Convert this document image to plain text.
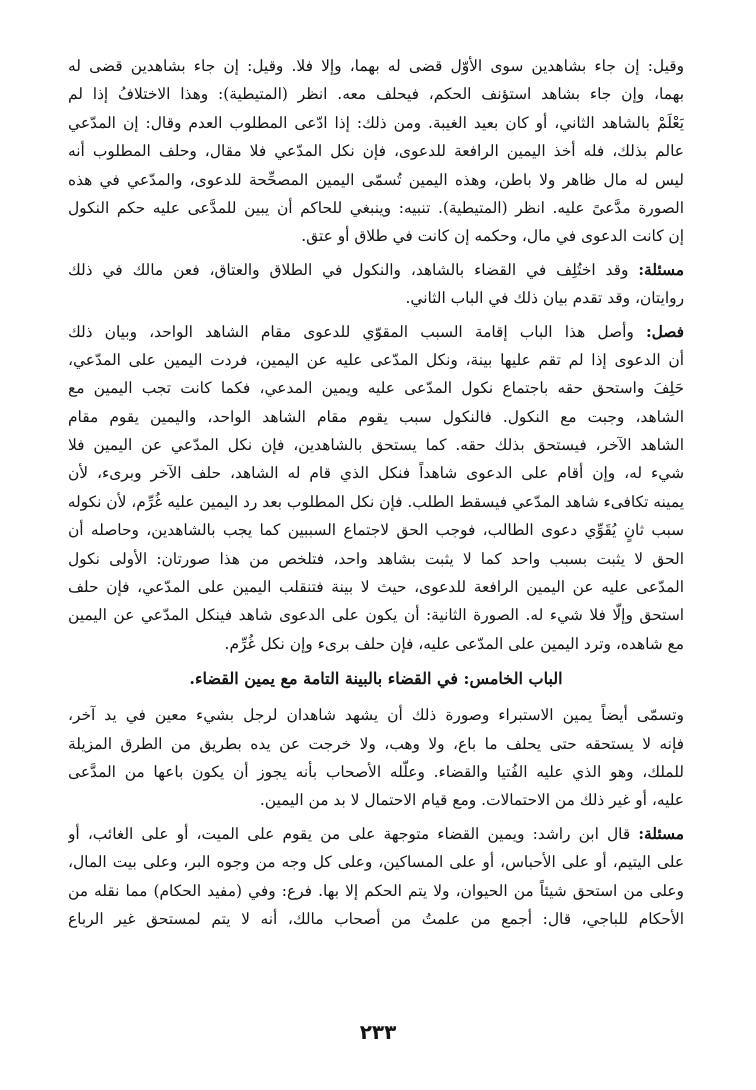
وقيل: إن جاء بشاهدين سوى الأوّل قضى له بهما، وإلا فلا. وقيل: إن جاء بشاهدين قضى له
بهما، وإن جاء بشاهد استؤنف الحكم، فيحلف معه. انظر (المتيطية): وهذا الاختلافُ إذا لم
يَعْلَمْ بالشاهد الثاني، أو كان بعيد الغيبة. ومن ذلك: إذا ادّعى المطلوب العدم وقال: إن المدّعي
عالم بذلك، فله أخذ اليمين الرافعة للدعوى، فإن نكل المدّعي فلا مقال، وحلف المطلوب أنه
ليس له مال ظاهر ولا باطن، وهذه اليمين تُسمّى اليمين المصحِّحة للدعوى، والمدّعي في هذه
الصورة مدَّعىً عليه. انظر (المتيطية). تنبيه: وينبغي للحاكم أن يبين للمدَّعى عليه حكم النكول
إن كانت الدعوى في مال، وحكمه إن كانت في طلاق أو عتق.
مسئلة: وقد اختُلِف في القضاء بالشاهد، والنكول في الطلاق والعتاق، فعن مالك في ذلك
روايتان، وقد تقدم بيان ذلك في الباب الثاني.
فصل: وأصل هذا الباب إقامة السبب المقوّي للدعوى مقام الشاهد الواحد، وبيان ذلك
أن الدعوى إذا لم تقم عليها بينة، ونكل المدّعى عليه عن اليمين، فردت اليمين على المدّعي،
حَلِفَ واستحق حقه باجتماع نكول المدّعى عليه ويمين المدعي، فكما كانت تجب اليمين مع
الشاهد، وجبت مع النكول. فالنكول سبب يقوم مقام الشاهد الواحد، واليمين يقوم مقام
الشاهد الآخر، فيستحق بذلك حقه. كما يستحق بالشاهدين، فإن نكل المدّعي عن اليمين فلا
شيء له، وإن أقام على الدعوى شاهداً فنكل الذي قام له الشاهد، حلف الآخر وبرىء، لأن
يمينه تكافىء شاهد المدّعي فيسقط الطلب. فإن نكل المطلوب بعد رد اليمين عليه غُرِّم، لأن نكوله
سبب ثانٍ يُقَوِّي دعوى الطالب، فوجب الحق لاجتماع السببين كما يجب بالشاهدين، وحاصله أن
الحق لا يثبت بسبب واحد كما لا يثبت بشاهد واحد، فتلخص من هذا صورتان: الأولى نكول
المدّعى عليه عن اليمين الرافعة للدعوى، حيث لا بينة فتنقلب اليمين على المدّعي، فإن حلف
استحق وإلّا فلا شيء له. الصورة الثانية: أن يكون على الدعوى شاهد فينكل المدّعي عن اليمين
مع شاهده، وترد اليمين على المدّعى عليه، فإن حلف برىء وإن نكل غُرِّم.
الباب الخامس: في القضاء بالبينة التامة مع يمين القضاء.
وتسمّى أيضاً يمين الاستبراء وصورة ذلك أن يشهد شاهدان لرجل بشيء معين في يد آخر،
فإنه لا يستحقه حتى يحلف ما باع، ولا وهب، ولا خرجت عن يده بطريق من الطرق المزيلة
للملك، وهو الذي عليه الفُتيا والقضاء. وعلّله الأصحاب بأنه يجوز أن يكون باعها من المدَّعى
عليه، أو غير ذلك من الاحتمالات. ومع قيام الاحتمال لا بد من اليمين.
مسئلة: قال ابن راشد: ويمين القضاء متوجهة على من يقوم على الميت، أو على الغائب، أو
على اليتيم، أو على الأحباس، أو على المساكين، وعلى كل وجه من وجوه البر، وعلى بيت المال،
وعلى من استحق شيئاً من الحيوان، ولا يتم الحكم إلا بها. فرع: وفي (مفيد الحكام) مما نقله من
الأحكام للباجي، قال: أجمع من علمتُ من أصحاب مالك، أنه لا يتم لمستحق غير الرباع
٢٣٣
